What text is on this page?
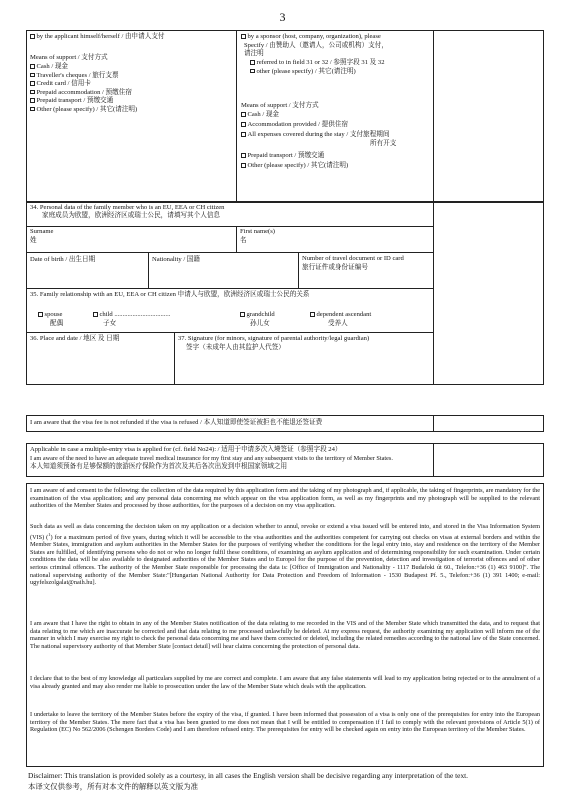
3
by the applicant himself/herself / 由申请人支付
Means of support / 支付方式
Cash / 现金
Traveller's cheques / 旅行支票
Credit card / 信用卡
Prepaid accommodation / 预缴住宿
Prepaid transport / 预缴交通
Other (please specify) / 其它(请注明)
by a sponsor (host, company, organization), please
Specify / 由赞助人（邀请人，公司或机构）支付，
请注明
referred to in field 31 or 32 / 参照字段 31 及 32
other (please specify) / 其它(请注明)
Means of support / 支付方式
Cash / 现金
Accommodation provided / 提供住宿
All expenses covered during the stay / 支付旅程期间
所有开支
Prepaid transport / 预缴交通
Other (please specify) / 其它(请注明)
34. Personal data of the family member who is an EU, EEA or CH citizen
家庭成员为欧盟，欧洲经济区或瑞士公民，请填写其个人信息
Surname
姓
First name(s)
名
Date of birth / 出生日期	Nationality / 国籍	Number of travel document or ID card
旅行证件或身份证编号
35. Family relationship with an EU, EEA or CH citizen 申请人与欧盟，欧洲经济区或瑞士公民的关系
spouse
配偶
child ..................................
子女
grandchild
孙儿女
dependent ascendant
受养人
36. Place and date / 地区 及 日期	37. Signature (for minors, signature of parental authority/legal guardian)
签字（未成年人由其监护人代签）
I am aware that the visa fee is not refunded if the visa is refused / 本人知道即使签证被拒也不能退还签证费
Applicable in case a multiple-entry visa is applied for (cf. field No24): / 适用于申请多次入境签证（参照字段 24）
I am aware of the need to have an adequate travel medical insurance for my first stay and any subsequent visits to the territory of Member States.
本人知道须预备有足够保额的旅游医疗保险作为首次及其后各次出发到申根国家领域之用
I am aware of and consent to the following: the collection of the data required by this application form and the taking of my photograph and, if applicable, the taking of fingerprints, are mandatory for the examination of the visa application; and any personal data concerning me which appear on the visa application form, as well as my fingerprints and my photograph will be supplied to the relevant authorities of the Member States and processed by those authorities, for the purposes of a decision on my visa application.
Such data as well as data concerning the decision taken on my application or a decision whether to annul, revoke or extend a visa issued will be entered into, and stored in the Visa Information System (VIS) ($^1$) for a maximum period of five years, during which it will be accessible to the visa authorities and the authorities competent for carrying out checks on visas at external borders and within the Member States, immigration and asylum authorities in the Member States for the purposes of verifying whether the conditions for the legal entry into, stay and residence on the territory of the Member States are fulfilled, of identifying persons who do not or who no longer fulfil these conditions, of examining an asylum application and of determining responsibility for such examination. Under certain conditions the data will be also available to designated authorities of the Member States and to Europol for the purpose of the prevention, detection and investigation of terrorist offences and of other serious criminal offences. The authority of the Member State responsible for processing the data is: [Office of Immigration and Nationality - 1117 Budafoki út 60., Telefon:+36 (1) 463 9100]". The national supervising authority of the Member State:"[Hungarian National Authority for Data Protection and Freedom of Information - 1530 Budapest Pf. 5., Telefon:+36 (1) 391 1400; e-mail: ugyfelszolgalat@naih.hu].
I am aware that I have the right to obtain in any of the Member States notification of the data relating to me recorded in the VIS and of the Member State which transmitted the data, and to request that data relating to me which are inaccurate be corrected and that data relating to me processed unlawfully be deleted. At my express request, the authority examining my application will inform me of the manner in which I may exercise my right to check the personal data concerning me and have them corrected or deleted, including the related remedies according to the national law of the State concerned. The national supervisory authority of that Member State [contact detail] will hear claims concerning the protection of personal data.
I declare that to the best of my knowledge all particulars supplied by me are correct and complete. I am aware that any false statements will lead to my application being rejected or to the annulment of a visa already granted and may also render me liable to prosecution under the law of the Member State which deals with the application.
I undertake to leave the territory of the Member States before the expiry of the visa, if granted. I have been informed that possession of a visa is only one of the prerequisites for entry into the European territory of the Member States. The mere fact that a visa has been granted to me does not mean that I will be entitled to compensation if I fail to comply with the relevant provisions of Article 5(1) of Regulation (EC) No 562/2006 (Schengen Borders Code) and I am therefore refused entry. The prerequisites for entry will be checked again on entry into the European territory of the Member States.
Disclaimer: This translation is provided solely as a courtesy, in all cases the English version shall be decisive regarding any interpretation of the text.
本译文仅供参考，所有对本文件的解释以英文版为准
